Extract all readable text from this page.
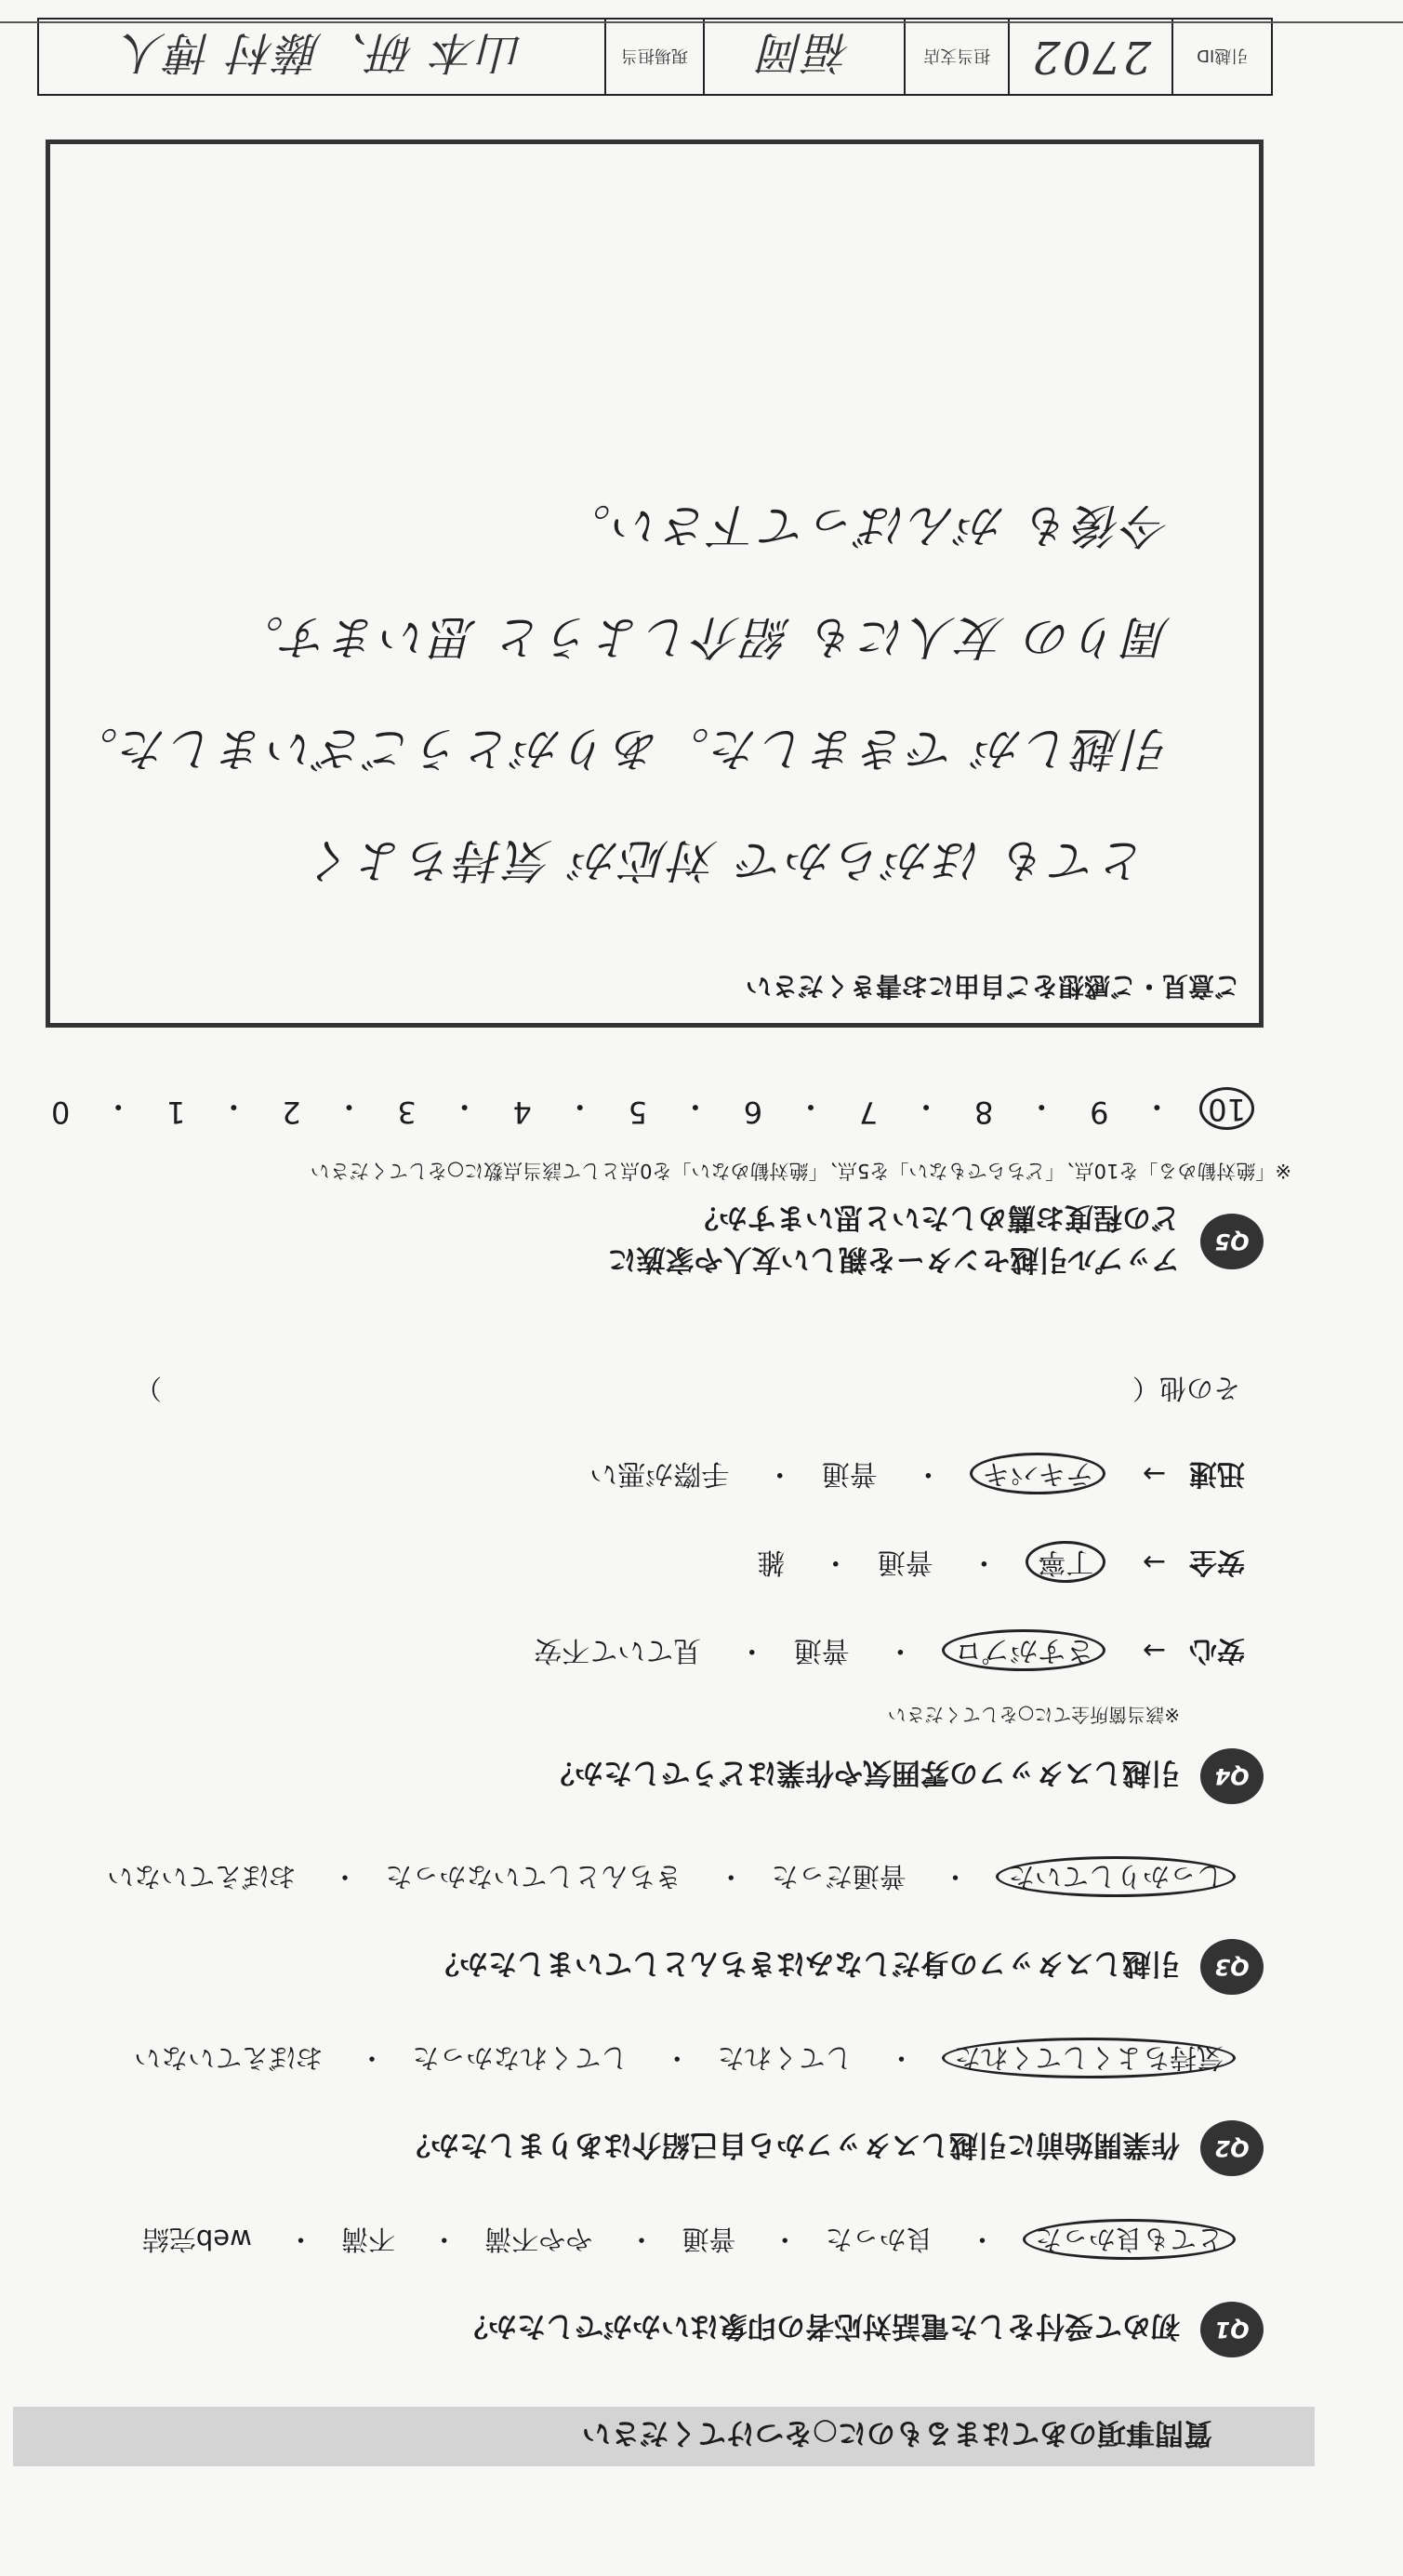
引越ID
2702
担当支店
福岡
現場担当
山本 研、藤村 博人
ご意見・ご感想をご自由にお書きください
とても ほがらかで 対応が 気持ちよく
引越しが できました。ありがとうございました。
周りの 友人にも 紹介しようと 思います。
今後も がんばって下さい。
10
・
9
・
8
・
7
・
6
・
5
・
4
・
3
・
2
・
1
・
0
※「絶対勧める」を10点、「どちらでもない」を5点、「絶対勧めない」を0点として該当点数に○をしてください
Q5
アップル引越センターを親しい友人や家族に
どの程度お薦めしたいと思いますか？
その他（　　　　　　　　　　　　　　　　　　　　　　　　　　　　　　　　　　　　）
迅速→　 テキパキ　・　 普通　・　 手際が悪い
安全→　 丁寧　・　 普通　・　 雑
安心→　 さすがプロ　・　 普通　・　 見ていて不安
※該当箇所全てに○をしてください
Q4
引越しスタッフの雰囲気や作業はどうでしたか？
しっかりしていた　・　 普通だった　・　 きちんとしていなかった　・　 おぼえていない
Q3
引越しスタッフの身だしなみはきちんとしていましたか？
気持ちよくしてくれた　・　 してくれた　・　 してくれなかった　・　 おぼえていない
Q2
作業開始前に引越しスタッフから自己紹介はありましたか？
とても良かった　・　 良かった　・　 普通　・　 やや不満　・　 不満　・　 web完結
Q1
初めて受付をした電話対応者の印象はいかがでしたか？
質問事項のあてはまるものに○をつけてください
